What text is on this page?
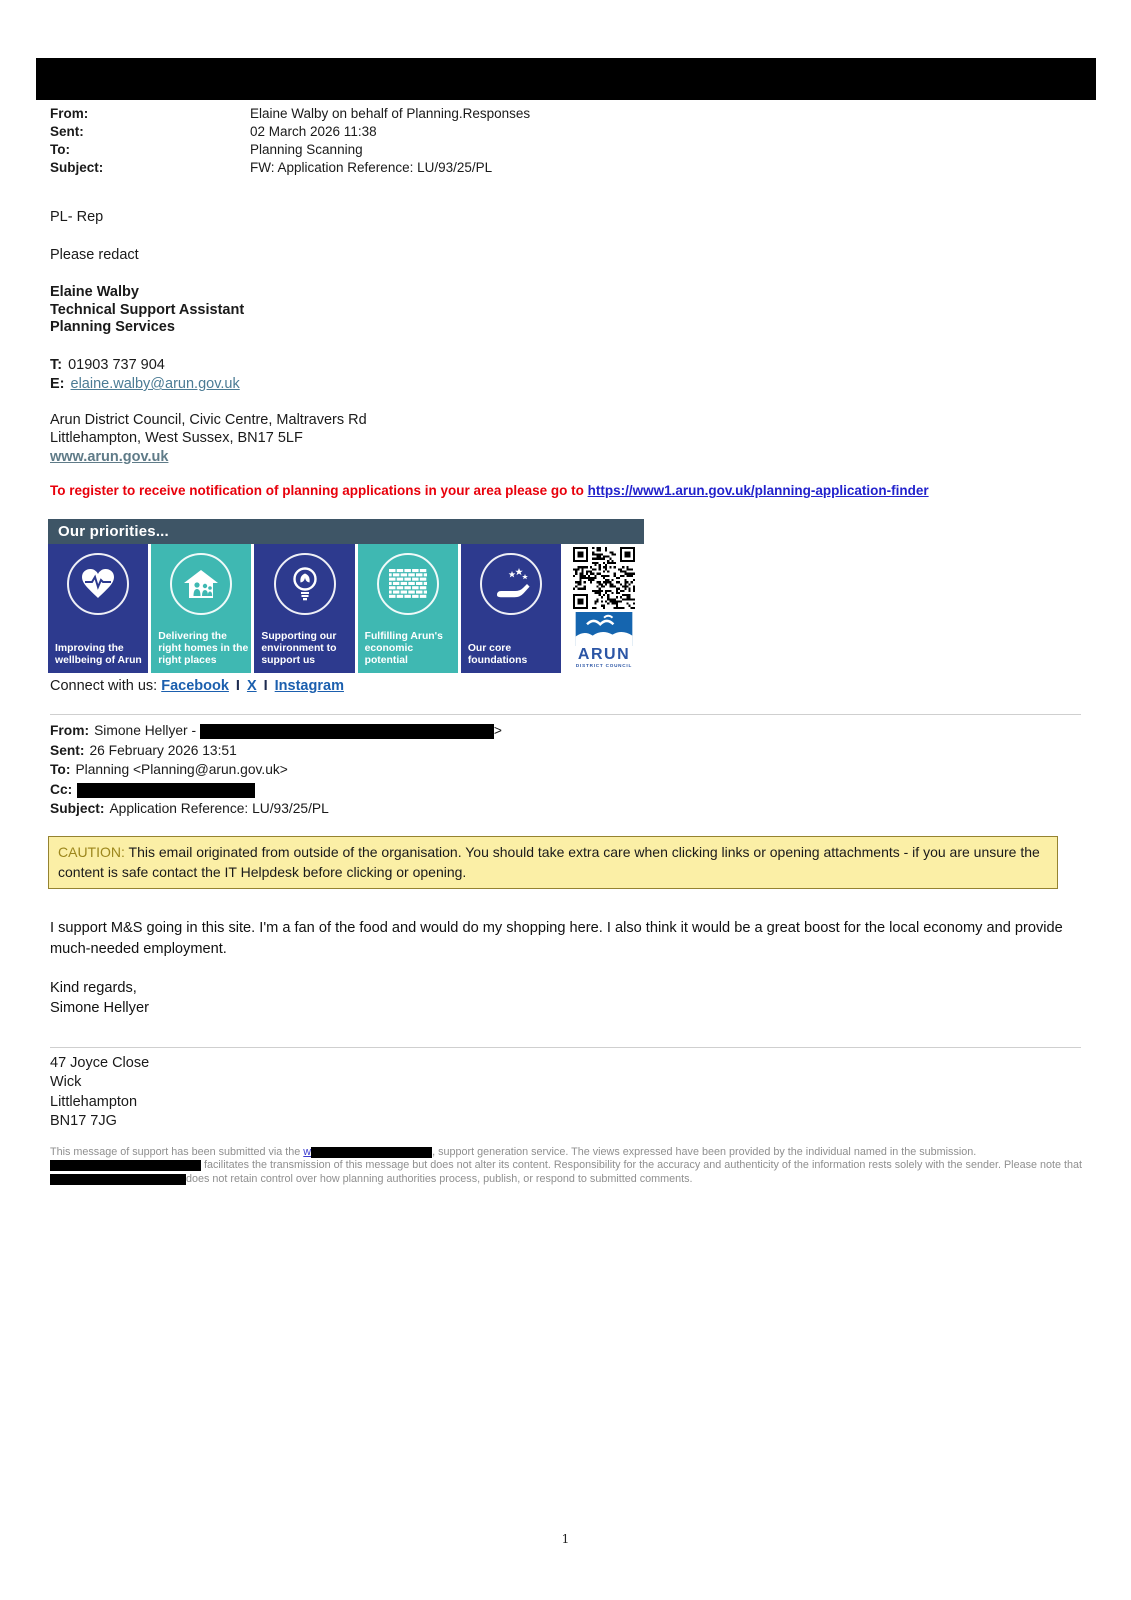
From:	Elaine Walby on behalf of Planning.Responses
Sent:	02 March 2026 11:38
To:	Planning Scanning
Subject:	FW: Application Reference: LU/93/25/PL
PL- Rep
Please redact
Elaine Walby
Technical Support Assistant
Planning Services
T: 01903 737 904
E: elaine.walby@arun.gov.uk
Arun District Council, Civic Centre, Maltravers Rd
Littlehampton, West Sussex, BN17 5LF
www.arun.gov.uk
To register to receive notification of planning applications in your area please go to https://www1.arun.gov.uk/planning-application-finder
Our priorities...
Improving the wellbeing of Arun
Delivering the right homes in the right places
Supporting our environment to support us
Fulfilling Arun's economic potential
Our core foundations	ARUN
DISTRICT COUNCIL
Connect with us: Facebook I X I Instagram
From: Simone Hellyer -	>
Sent: 26 February 2026 13:51
To: Planning <Planning@arun.gov.uk>
Cc:
Subject: Application Reference: LU/93/25/PL
CAUTION: This email originated from outside of the organisation. You should take extra care when clicking links or opening attachments - if you are unsure the content is safe contact the IT Helpdesk before clicking or opening.
I support M&S going in this site. I'm a fan of the food and would do my shopping here. I also think it would be a great boost for the local economy and provide much-needed employment.
Kind regards,
Simone Hellyer
47 Joyce Close
Wick
Littlehampton
BN17 7JG
This message of support has been submitted via the w	, support generation service. The views expressed have been provided by the individual named in the submission.  facilitates the transmission of this message but does not alter its content. Responsibility for the accuracy and authenticity of the information rests solely with the sender. Please note thatdoes not retain control over how planning authorities process, publish, or respond to submitted comments.
1
